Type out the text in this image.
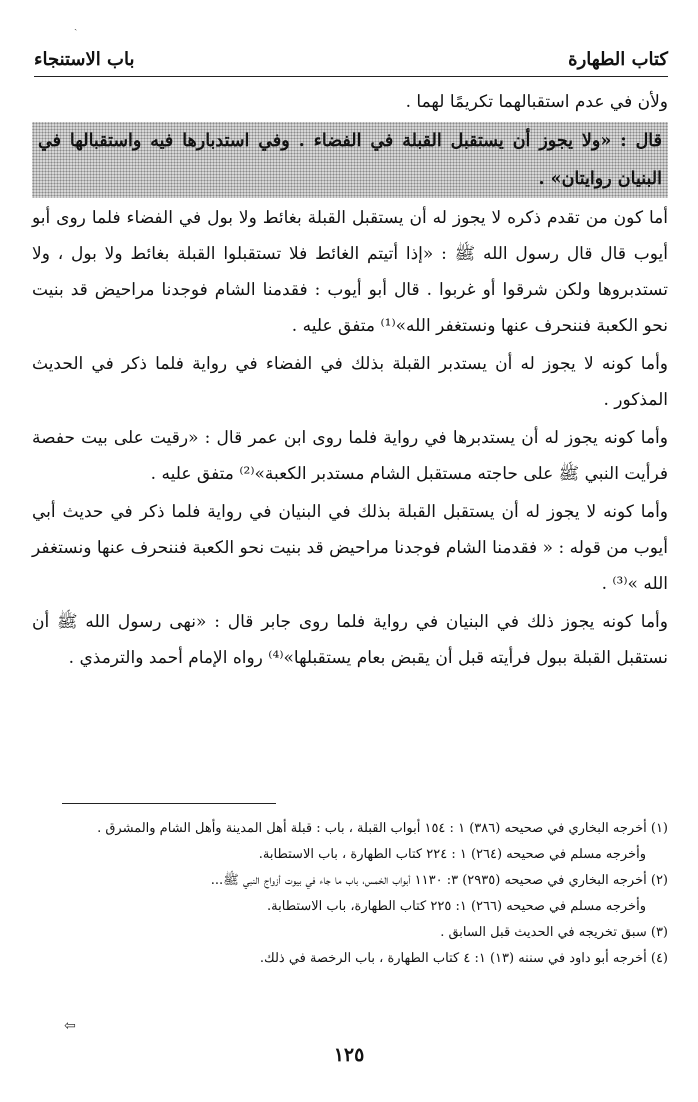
ˎ
كتاب الطهارة
باب الاستنجاء

ولأن في عدم استقبالهما تكريمًا لهما .

قال : «ولا يجوز أن يستقبل القبلة في الفضاء . وفي استدبارها فيه واستقبالها في البنيان روايتان» .

أما كون من تقدم ذكره لا يجوز له أن يستقبل القبلة بغائط ولا بول في الفضاء فلما روى أبو أيوب قال قال رسول الله ﷺ : «إذا أتيتم الغائط فلا تستقبلوا القبلة بغائط ولا بول ، ولا تستدبروها ولكن شرقوا أو غربوا . قال أبو أيوب : فقدمنا الشام فوجدنا مراحيض قد بنيت نحو الكعبة فننحرف عنها ونستغفر الله»⁽¹⁾ متفق عليه .

وأما كونه لا يجوز له أن يستدبر القبلة بذلك في الفضاء في رواية فلما ذكر في الحديث المذكور .

وأما كونه يجوز له أن يستدبرها في رواية فلما روى ابن عمر قال : «رقيت على بيت حفصة فرأيت النبي ﷺ على حاجته مستقبل الشام مستدبر الكعبة»⁽²⁾ متفق عليه .

وأما كونه لا يجوز له أن يستقبل القبلة بذلك في البنيان في رواية فلما ذكر في حديث أبي أيوب من قوله : « فقدمنا الشام فوجدنا مراحيض قد بنيت نحو الكعبة فننحرف عنها ونستغفر الله »⁽³⁾ .

وأما كونه يجوز ذلك في البنيان في رواية فلما روى جابر قال : «نهى رسول الله ﷺ أن نستقبل القبلة ببول فرأيته قبل أن يقبض بعام يستقبلها»⁽⁴⁾ رواه الإمام أحمد والترمذي .

(١) أخرجه البخاري في صحيحه (٣٨٦) ١ : ١٥٤ أبواب القبلة ، باب : قبلة أهل المدينة وأهل الشام والمشرق .

وأخرجه مسلم في صحيحه (٢٦٤) ١ : ٢٢٤ كتاب الطهارة ، باب الاستطابة.

(٢) أخرجه البخاري في صحيحه (٢٩٣٥) ٣: ١١٣٠ أبواب الخمس، باب ما جاء في بيوت أزواج النبي ﷺ...

وأخرجه مسلم في صحيحه (٢٦٦) ١: ٢٢٥ كتاب الطهارة، باب الاستطابة.

(٣) سبق تخريجه في الحديث قبل السابق .

(٤) أخرجه أبو داود في سننه (١٣) ١: ٤ كتاب الطهارة ، باب الرخصة في ذلك.

⇦
١٢٥
